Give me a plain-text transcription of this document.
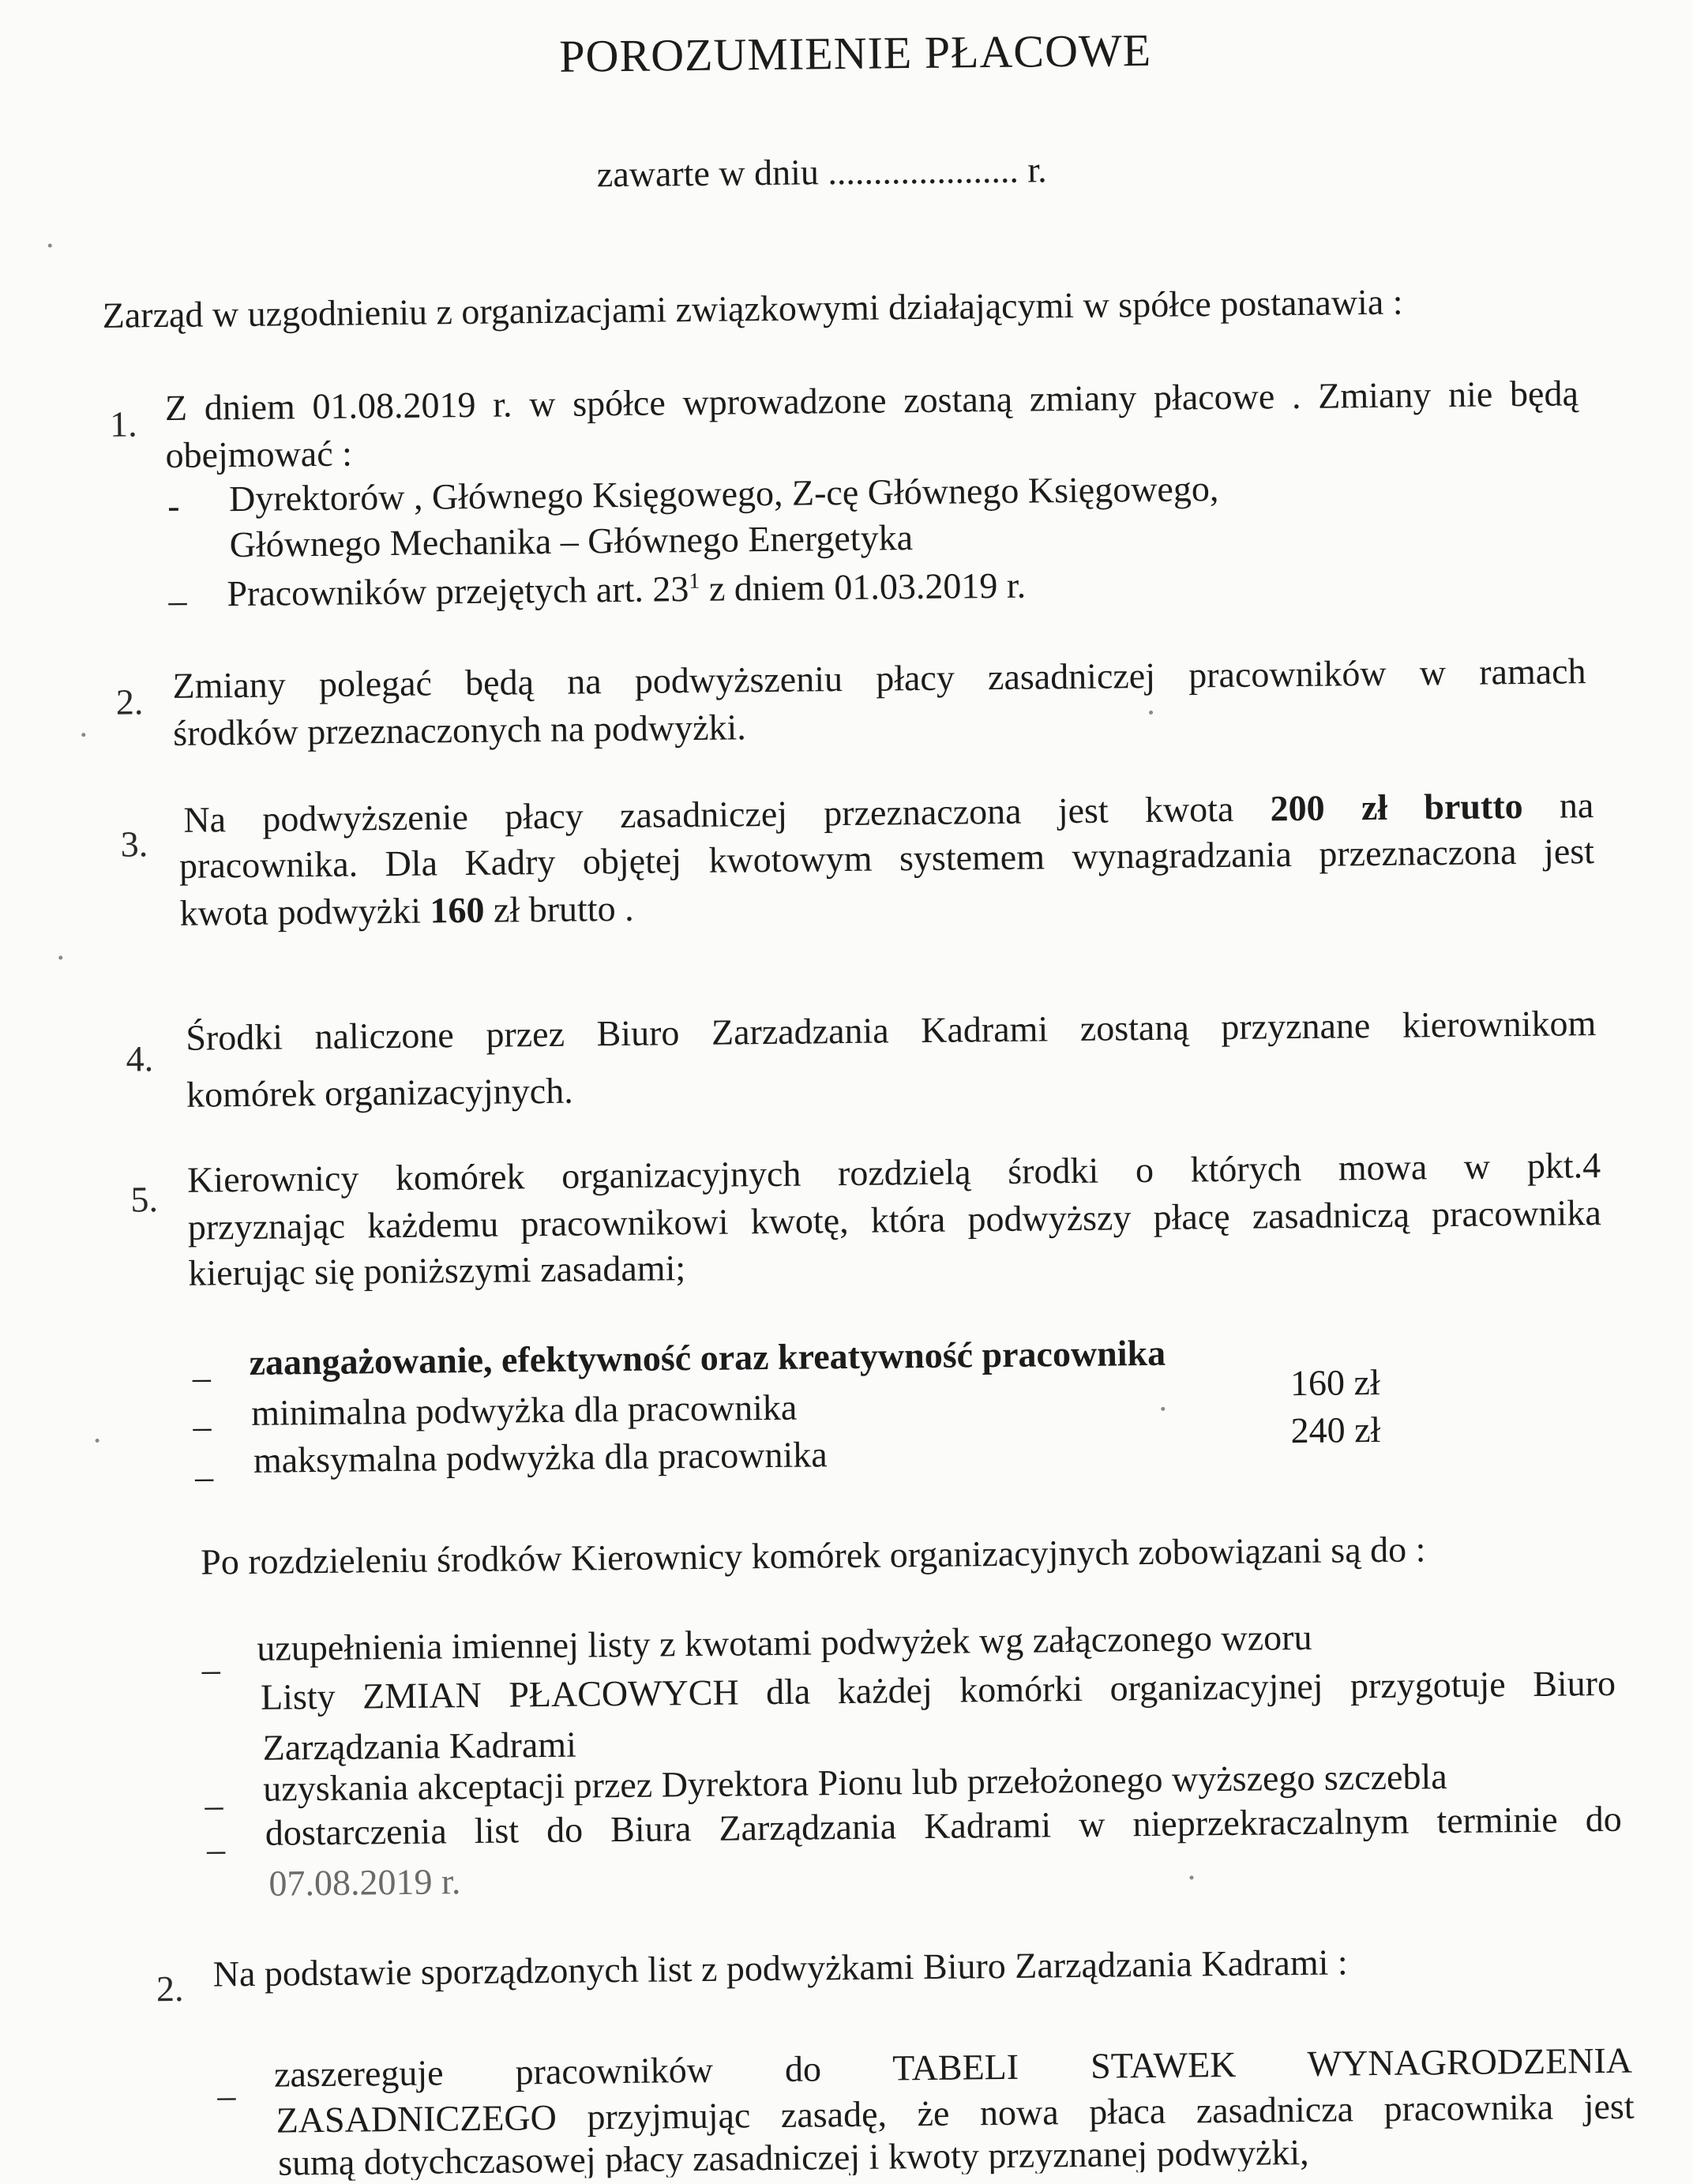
POROZUMIENIE PŁACOWE
zawarte w dniu ..................... r.
Zarząd w uzgodnieniu z organizacjami związkowymi działającymi w spółce postanawia :
1. Z dniem 01.08.2019 r. w spółce wprowadzone zostaną zmiany płacowe . Zmiany nie będą
obejmować :
- Dyrektorów , Głównego Księgowego, Z-cę Głównego Księgowego,
Głównego Mechanika – Głównego Energetyka
– Pracowników przejętych art. $23^1$ z dniem 01.03.2019 r.
2. Zmiany polegać będą na podwyższeniu płacy zasadniczej pracowników w ramach
środków przeznaczonych na podwyżki.
3.
Na podwyższenie płacy zasadniczej przeznaczona jest kwota 200 zł brutto na
pracownika. Dla Kadry objętej kwotowym systemem wynagradzania przeznaczona jest
kwota podwyżki 160 zł brutto .
4.
Środki naliczone przez Biuro Zarzadzania Kadrami zostaną przyznane kierownikom
komórek organizacyjnych.
5. Kierownicy komórek organizacyjnych rozdzielą środki o których mowa w pkt.4
przyznając każdemu pracownikowi kwotę, która podwyższy płacę zasadniczą pracownika
kierując się poniższymi zasadami;
– zaangażowanie, efektywność oraz kreatywność pracownika
– minimalna podwyżka dla pracownika
160 zł
– maksymalna podwyżka dla pracownika
240 zł
Po rozdzieleniu środków Kierownicy komórek organizacyjnych zobowiązani są do :
–
uzupełnienia imiennej listy z kwotami podwyżek wg załączonego wzoru
Listy ZMIAN PŁACOWYCH dla każdej komórki organizacyjnej przygotuje Biuro
Zarządzania Kadrami
– uzyskania akceptacji przez Dyrektora Pionu lub przełożonego wyższego szczebla
– dostarczenia list do Biura Zarządzania Kadrami w nieprzekraczalnym terminie do
07.08.2019 r.
2. Na podstawie sporządzonych list z podwyżkami Biuro Zarządzania Kadrami :
–
zaszereguje pracowników do TABELI STAWEK WYNAGRODZENIA
ZASADNICZEGO przyjmując zasadę, że nowa płaca zasadnicza pracownika jest
sumą dotychczasowej płacy zasadniczej i kwoty przyznanej podwyżki,
